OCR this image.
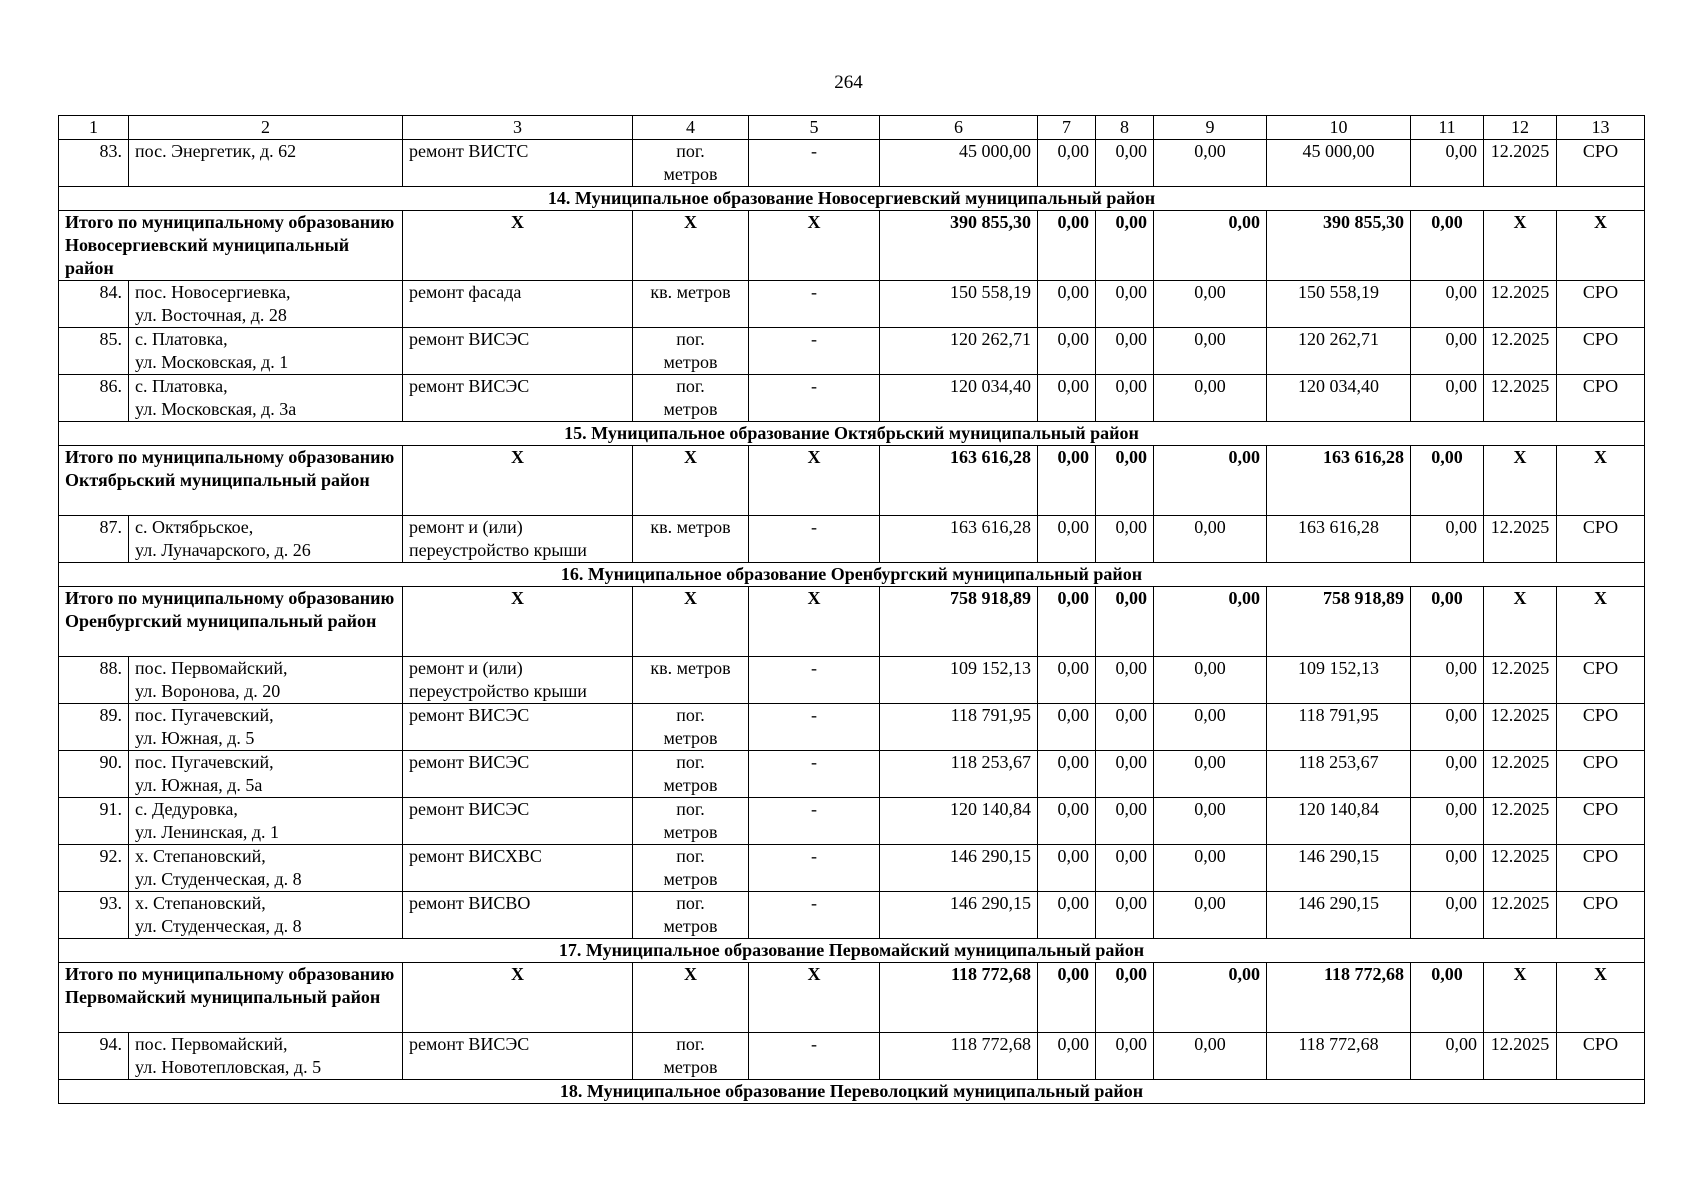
264
1	2	3	4	5	6	7	8	9	10	11	12	13
83.	пос. Энергетик, д. 62	ремонт ВИСТС	пог.
метров	-	45 000,00	0,00	0,00	0,00	45 000,00	0,00	12.2025	СРО
14. Муниципальное образование Новосергиевский муниципальный район												
Итого по муниципальному образованию Новосергиевский муниципальный район		X	X	X	390 855,30	0,00	0,00	0,00	390 855,30	0,00	X	X
84.	пос. Новосергиевка,
ул. Восточная, д. 28	ремонт фасада	кв. метров	-	150 558,19	0,00	0,00	0,00	150 558,19	0,00	12.2025	СРО
85.	с. Платовка,
ул. Московская, д. 1	ремонт ВИСЭС	пог.
метров	-	120 262,71	0,00	0,00	0,00	120 262,71	0,00	12.2025	СРО
86.	с. Платовка,
ул. Московская, д. 3а	ремонт ВИСЭС	пог.
метров	-	120 034,40	0,00	0,00	0,00	120 034,40	0,00	12.2025	СРО
15. Муниципальное образование Октябрьский муниципальный район												
Итого по муниципальному образованию Октябрьский муниципальный район		X	X	X	163 616,28	0,00	0,00	0,00	163 616,28	0,00	X	X
87.	с. Октябрьское,
ул. Луначарского, д. 26	ремонт и (или)
переустройство крыши	кв. метров	-	163 616,28	0,00	0,00	0,00	163 616,28	0,00	12.2025	СРО
16. Муниципальное образование Оренбургский муниципальный район												
Итого по муниципальному образованию Оренбургский муниципальный район		X	X	X	758 918,89	0,00	0,00	0,00	758 918,89	0,00	X	X
88.	пос. Первомайский,
ул. Воронова, д. 20	ремонт и (или)
переустройство крыши	кв. метров	-	109 152,13	0,00	0,00	0,00	109 152,13	0,00	12.2025	СРО
89.	пос. Пугачевский,
ул. Южная, д. 5	ремонт ВИСЭС	пог.
метров	-	118 791,95	0,00	0,00	0,00	118 791,95	0,00	12.2025	СРО
90.	пос. Пугачевский,
ул. Южная, д. 5а	ремонт ВИСЭС	пог.
метров	-	118 253,67	0,00	0,00	0,00	118 253,67	0,00	12.2025	СРО
91.	с. Дедуровка,
ул. Ленинская, д. 1	ремонт ВИСЭС	пог.
метров	-	120 140,84	0,00	0,00	0,00	120 140,84	0,00	12.2025	СРО
92.	х. Степановский,
ул. Студенческая, д. 8	ремонт ВИСХВС	пог.
метров	-	146 290,15	0,00	0,00	0,00	146 290,15	0,00	12.2025	СРО
93.	х. Степановский,
ул. Студенческая, д. 8	ремонт ВИСВО	пог.
метров	-	146 290,15	0,00	0,00	0,00	146 290,15	0,00	12.2025	СРО
17. Муниципальное образование Первомайский муниципальный район												
Итого по муниципальному образованию Первомайский муниципальный район		X	X	X	118 772,68	0,00	0,00	0,00	118 772,68	0,00	X	X
94.	пос. Первомайский,
ул. Новотепловская, д. 5	ремонт ВИСЭС	пог.
метров	-	118 772,68	0,00	0,00	0,00	118 772,68	0,00	12.2025	СРО
18. Муниципальное образование Переволоцкий муниципальный район												
